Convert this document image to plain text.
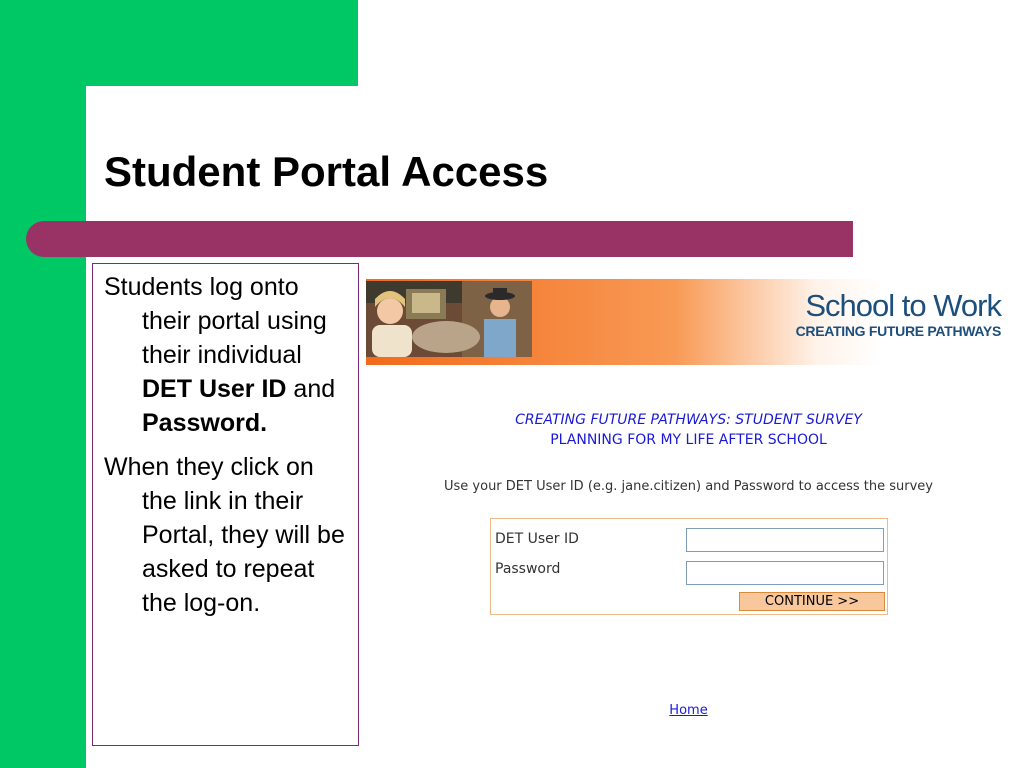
Student Portal Access

Students log onto their portal using their individual DET User ID and Password.

When they click on the link in their Portal, they will be asked to repeat the log-on.

School to Work
CREATING FUTURE PATHWAYS
CREATING FUTURE PATHWAYS: STUDENT SURVEY
PLANNING FOR MY LIFE AFTER SCHOOL
Use your DET User ID (e.g. jane.citizen) and Password to access the survey
DET User ID
Password
CONTINUE >>
Home
